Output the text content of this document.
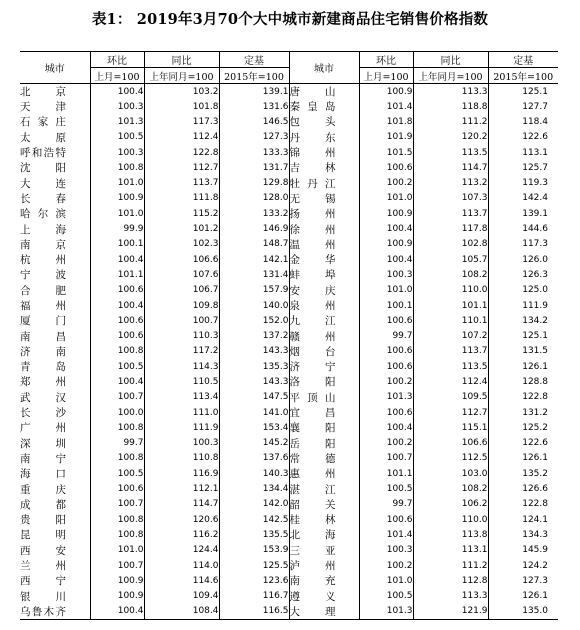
表1： 2019年3月70个大中城市新建商品住宅销售价格指数
城市	环比	同比	定基	城市	环比	同比	定基
	上月=100	上年同月=100	2015年=100		上月=100	上年同月=100	2015年=100

北京	100.4	103.2	139.1	唐山	100.9	113.3	125.1

天津	100.3	101.8	131.6	秦皇岛	101.4	118.8	127.7

石家庄	101.3	117.3	146.5	包头	101.8	111.2	118.4

太原	100.5	112.4	127.3	丹东	101.9	120.2	122.6

呼和浩特	100.3	122.8	133.3	锦州	101.5	113.5	113.1

沈阳	100.8	112.7	131.7	吉林	100.6	114.7	125.7

大连	101.0	113.7	129.8	牡丹江	100.2	113.2	119.3

长春	100.9	111.8	128.0	无锡	101.0	107.3	142.4

哈尔滨	101.0	115.2	133.2	扬州	100.9	113.7	139.1

上海	99.9	101.2	146.9	徐州	100.4	117.8	144.6

南京	100.1	102.3	148.7	温州	100.9	102.8	117.3

杭州	100.4	106.6	142.1	金华	100.4	105.7	126.0

宁波	101.1	107.6	131.4	蚌埠	100.3	108.2	126.3

合肥	100.6	106.7	157.9	安庆	101.0	110.0	125.0

福州	100.4	109.8	140.0	泉州	100.1	101.1	111.9

厦门	100.6	100.7	152.0	九江	100.6	110.1	134.2

南昌	100.6	110.3	137.2	赣州	99.7	107.2	125.1

济南	100.8	117.2	143.3	烟台	100.6	113.7	131.5

青岛	100.5	114.3	135.3	济宁	100.6	113.5	126.1

郑州	100.4	110.5	143.3	洛阳	100.2	112.4	128.8

武汉	100.7	113.4	147.5	平顶山	101.3	109.5	122.8

长沙	100.0	111.0	141.0	宜昌	100.6	112.7	131.2

广州	100.8	111.9	153.4	襄阳	100.4	115.1	125.2

深圳	99.7	100.3	145.2	岳阳	100.2	106.6	122.6

南宁	100.8	110.8	137.6	常德	100.7	112.5	126.1

海口	100.5	116.9	140.3	惠州	101.1	103.0	135.2

重庆	100.6	112.1	134.4	湛江	100.5	108.2	126.6

成都	100.7	114.7	142.0	韶关	99.7	106.2	122.8

贵阳	100.8	120.6	142.5	桂林	100.6	110.0	124.1

昆明	100.8	116.2	135.5	北海	101.4	113.8	134.3

西安	101.0	124.4	153.9	三亚	100.3	113.1	145.9

兰州	100.7	114.0	125.5	泸州	100.2	111.2	124.2

西宁	100.9	114.6	123.6	南充	101.0	112.8	127.3

银川	100.9	109.4	116.7	遵义	100.5	113.3	126.1

乌鲁木齐	100.4	108.4	116.5	大理	101.3	121.9	135.0
